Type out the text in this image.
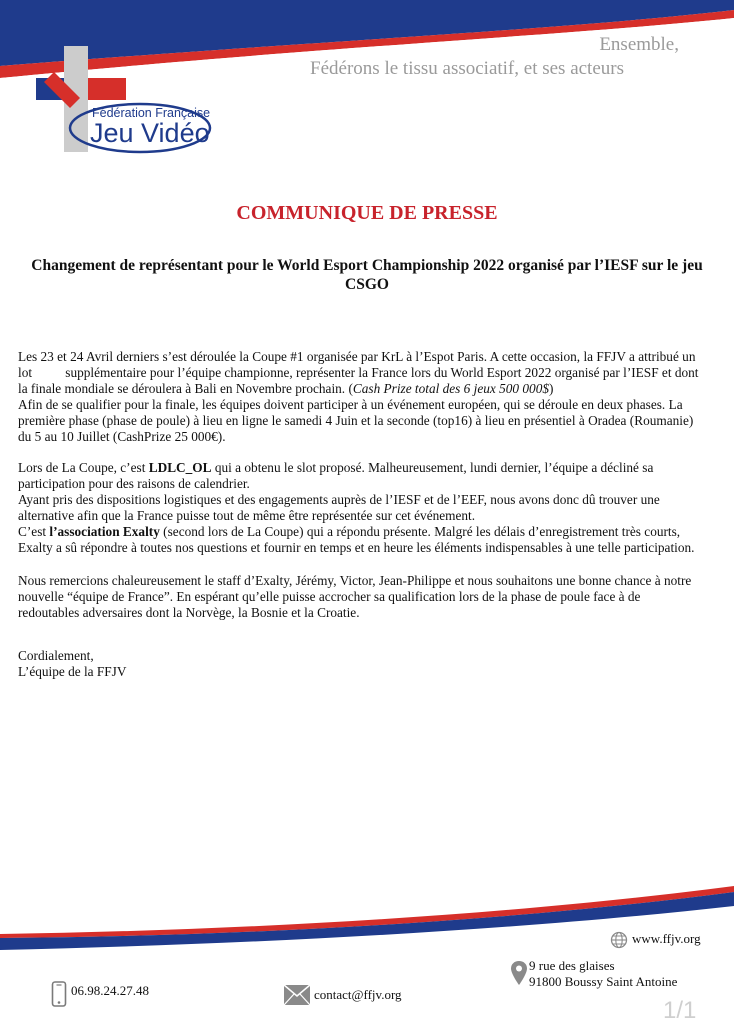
Ensemble,
Fédérons le tissu associatif, et ses acteurs
Fédération Française
Jeu Vidéo
COMMUNIQUE DE PRESSE
Changement de représentant pour le World Esport Championship 2022 organisé par l’IESF sur le jeu CSGO

Les 23 et 24 Avril derniers s’est déroulée la Coupe #1 organisée par KrL à l’Espot Paris. A cette occasion, la FFJV a attribué un

lot          supplémentaire pour l’équipe championne, représenter la France lors du World Esport 2022 organisé par l’IESF et dont

la finale mondiale se déroulera à Bali en Novembre prochain. (Cash Prize total des 6 jeux 500 000$)

Afin de se qualifier pour la finale, les équipes doivent participer à un événement européen, qui se déroule en deux phases. La

première phase (phase de poule) à lieu en ligne le samedi 4 Juin et la seconde (top16) à lieu en présentiel à Oradea (Roumanie)

du 5 au 10 Juillet (CashPrize 25 000€).

Lors de La Coupe, c’est LDLC_OL qui a obtenu le slot proposé. Malheureusement, lundi dernier, l’équipe a décliné sa

participation pour des raisons de calendrier.

Ayant pris des dispositions logistiques et des engagements auprès de l’IESF et de l’EEF, nous avons donc dû trouver une

alternative afin que la France puisse tout de même être représentée sur cet événement.

C’est l’association Exalty (second lors de La Coupe) qui a répondu présente. Malgré les délais d’enregistrement très courts,

Exalty a sû répondre à toutes nos questions et fournir en temps et en heure les éléments indispensables à une telle participation.

Nous remercions chaleureusement le staff d’Exalty, Jérémy, Victor, Jean-Philippe et nous souhaitons une bonne chance à notre

nouvelle “équipe de France”. En espérant qu’elle puisse accrocher sa qualification lors de la phase de poule face à de

redoutables adversaires dont la Norvège, la Bosnie et la Croatie.

Cordialement,

L’équipe de la FFJV

www.ffjv.org
06.98.24.27.48	contact@ffjv.org
9 rue des glaises
91800 Boussy Saint Antoine
1/1
